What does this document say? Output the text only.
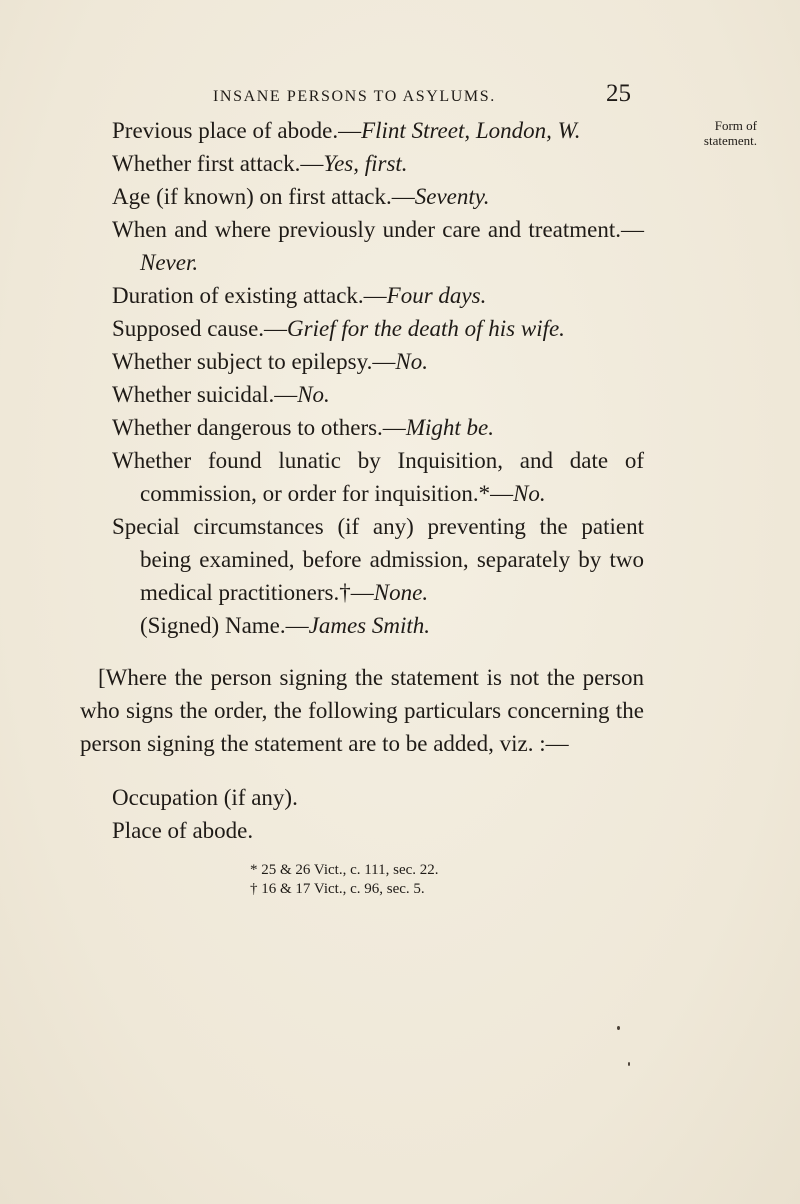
INSANE PERSONS TO ASYLUMS.	25
Form of
statement.

Previous place of abode.—Flint Street, London, W.

Whether first attack.—Yes, first.

Age (if known) on first attack.—Seventy.

When and where previously under care and treatment.—Never.

Duration of existing attack.—Four days.

Supposed cause.—Grief for the death of his wife.

Whether subject to epilepsy.—No.

Whether suicidal.—No.

Whether dangerous to others.—Might be.

Whether found lunatic by Inquisition, and date of commission, or order for inquisition.*—No.

Special circumstances (if any) preventing the patient being examined, before admission, separately by two medical practitioners.†—None.

(Signed) Name.—James Smith.

[Where the person signing the statement is not the person who signs the order, the following particulars concerning the person signing the statement are to be added, viz. :—

Occupation (if any).

Place of abode.

* 25 & 26 Vict., c. 111, sec. 22.

† 16 & 17 Vict., c. 96, sec. 5.
